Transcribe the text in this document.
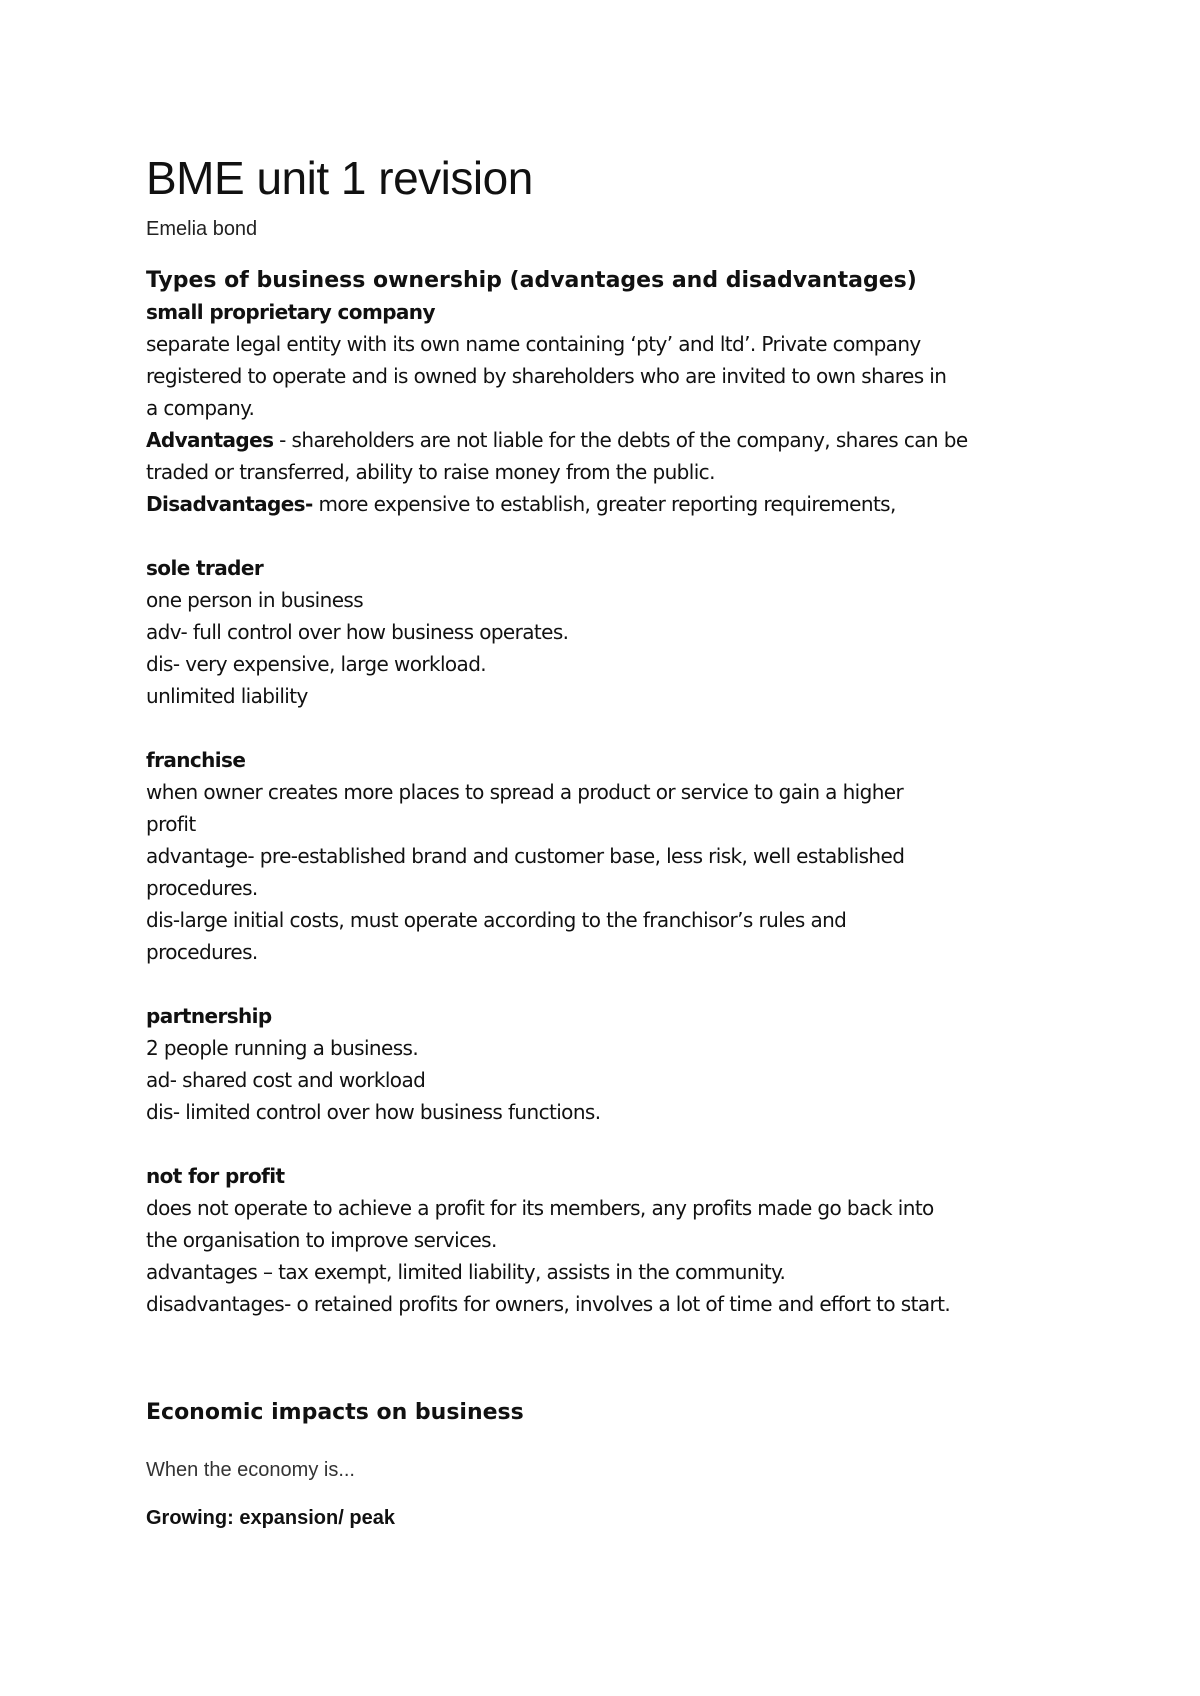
BME unit 1 revision

Emelia bond

Types of business ownership (advantages and disadvantages)

small proprietary company

separate legal entity with its own name containing ‘pty’ and ltd’. Private company

registered to operate and is owned by shareholders who are invited to own shares in

a company.

Advantages - shareholders are not liable for the debts of the company, shares can be

traded or transferred, ability to raise money from the public.

Disadvantages- more expensive to establish, greater reporting requirements,

sole trader

one person in business

adv- full control over how business operates.

dis- very expensive, large workload.

unlimited liability

franchise

when owner creates more places to spread a product or service to gain a higher

profit

advantage- pre-established brand and customer base, less risk, well established

procedures.

dis-large initial costs, must operate according to the franchisor’s rules and

procedures.

partnership

2 people running a business.

ad- shared cost and workload

dis- limited control over how business functions.

not for profit

does not operate to achieve a profit for its members, any profits made go back into

the organisation to improve services.

advantages – tax exempt, limited liability, assists in the community.

disadvantages- o retained profits for owners, involves a lot of time and effort to start.

Economic impacts on business

When the economy is...

Growing: expansion/ peak
